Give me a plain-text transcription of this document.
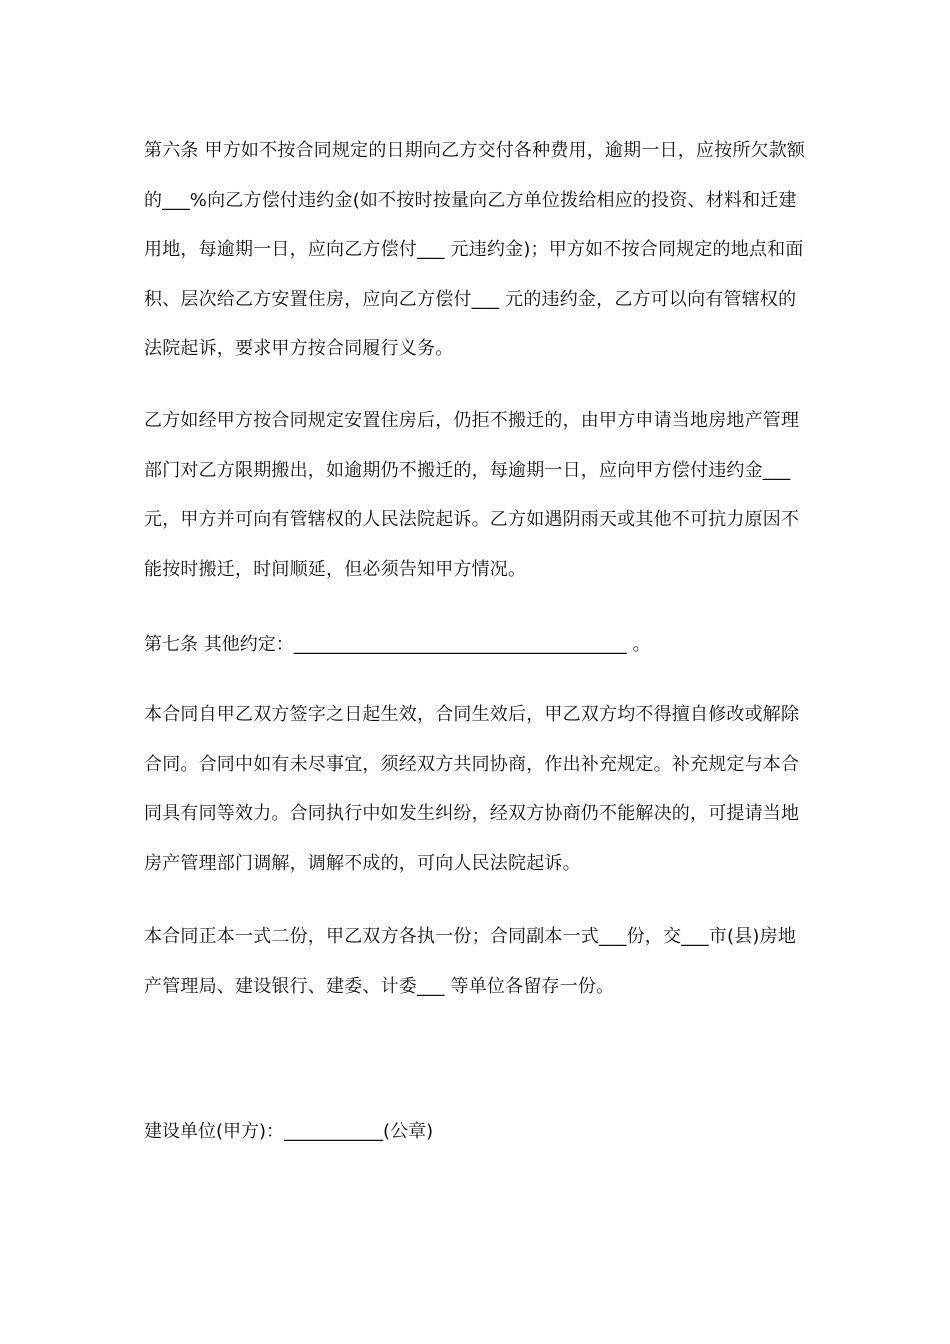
第六条 甲方如不按合同规定的日期向乙方交付各种费用，逾期一日，应按所欠款额的___%向乙方偿付违约金(如不按时按量向乙方单位拨给相应的投资、材料和迁建用地，每逾期一日，应向乙方偿付___ 元违约金)；甲方如不按合同规定的地点和面积、层次给乙方安置住房，应向乙方偿付___ 元的违约金，乙方可以向有管辖权的法院起诉，要求甲方按合同履行义务。

乙方如经甲方按合同规定安置住房后，仍拒不搬迁的，由甲方申请当地房地产管理部门对乙方限期搬出，如逾期仍不搬迁的，每逾期一日，应向甲方偿付违约金___ 元，甲方并可向有管辖权的人民法院起诉。乙方如遇阴雨天或其他不可抗力原因不能按时搬迁，时间顺延，但必须告知甲方情况。

第七条 其他约定：_____________________________________ 。

本合同自甲乙双方签字之日起生效，合同生效后，甲乙双方均不得擅自修改或解除合同。合同中如有未尽事宜，须经双方共同协商，作出补充规定。补充规定与本合同具有同等效力。合同执行中如发生纠纷，经双方协商仍不能解决的，可提请当地房产管理部门调解，调解不成的，可向人民法院起诉。

本合同正本一式二份，甲乙双方各执一份；合同副本一式___份，交___市(县)房地产管理局、建设银行、建委、计委___ 等单位各留存一份。

建设单位(甲方)：___________(公章)
